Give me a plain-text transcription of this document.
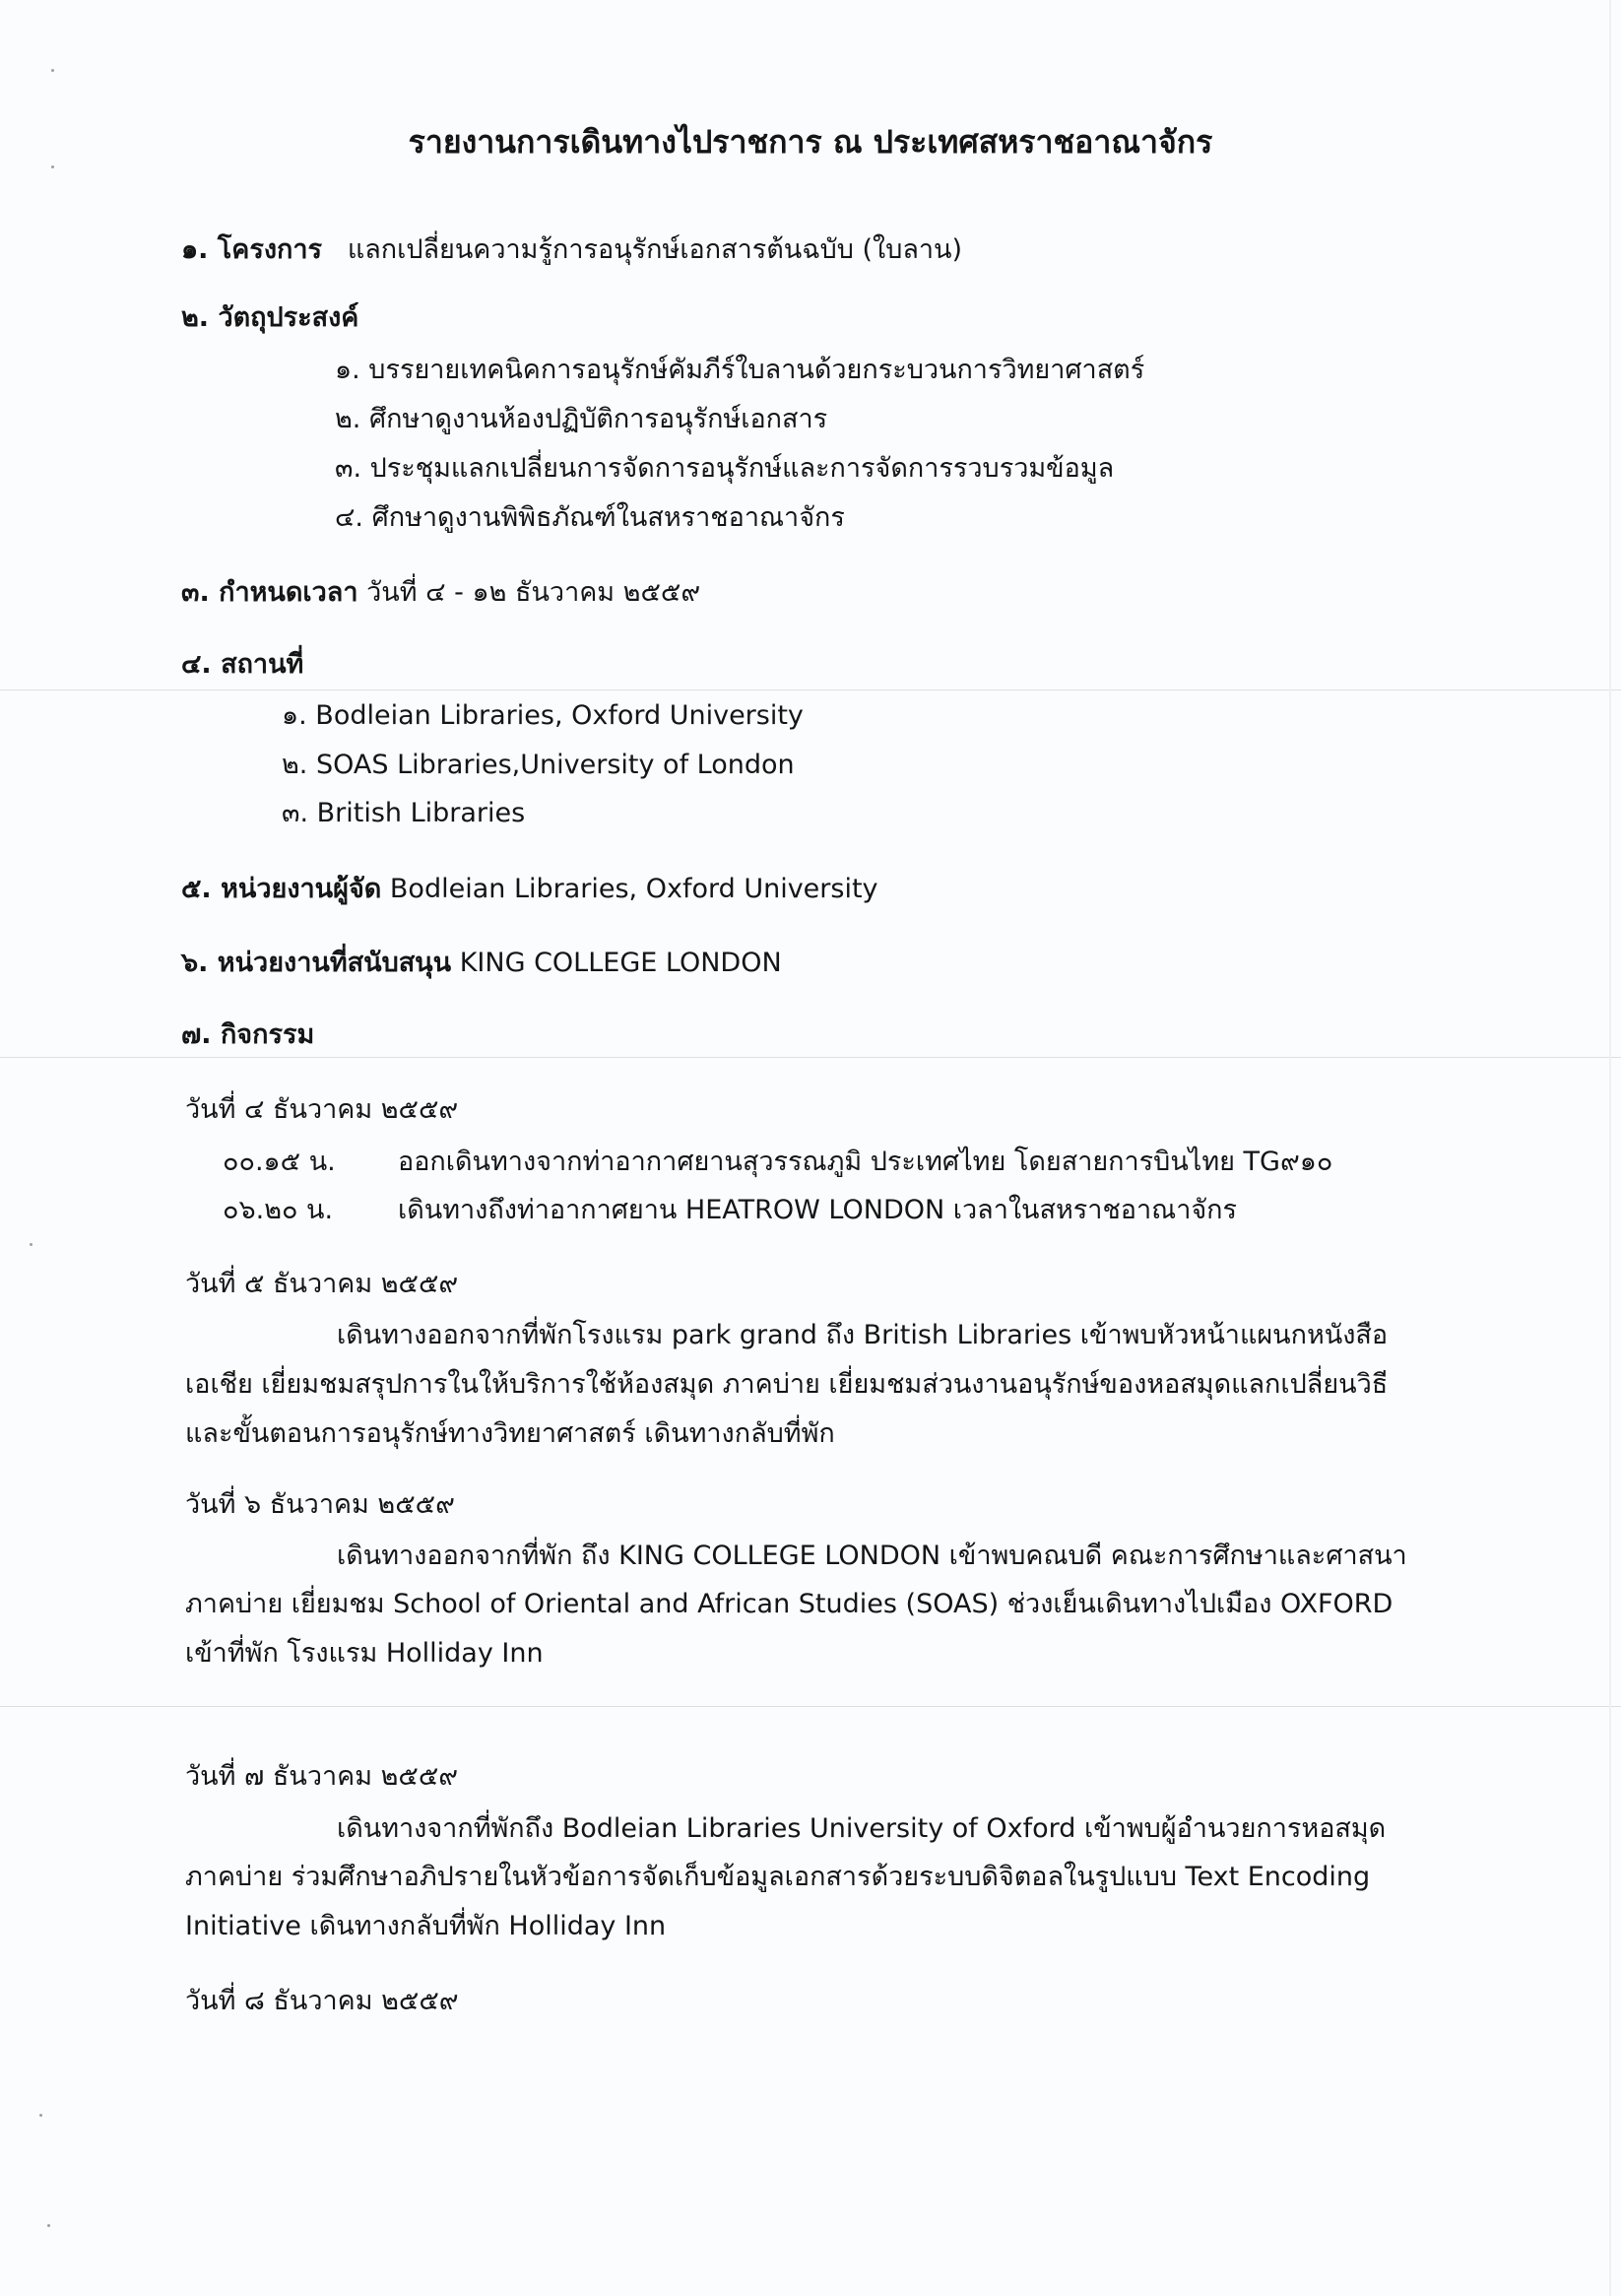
รายงานการเดินทางไปราชการ ณ ประเทศสหราชอาณาจักร
๑. โครงการ แลกเปลี่ยนความรู้การอนุรักษ์เอกสารต้นฉบับ (ใบลาน)
๒. วัตถุประสงค์
๑. บรรยายเทคนิคการอนุรักษ์คัมภีร์ใบลานด้วยกระบวนการวิทยาศาสตร์
๒. ศึกษาดูงานห้องปฏิบัติการอนุรักษ์เอกสาร
๓. ประชุมแลกเปลี่ยนการจัดการอนุรักษ์และการจัดการรวบรวมข้อมูล
๔. ศึกษาดูงานพิพิธภัณฑ์ในสหราชอาณาจักร
๓. กำหนดเวลา วันที่ ๔ - ๑๒ ธันวาคม ๒๕๕๙
๔. สถานที่
๑. Bodleian Libraries, Oxford University
๒. SOAS Libraries,University of London
๓. British Libraries
๕. หน่วยงานผู้จัด Bodleian Libraries, Oxford University
๖. หน่วยงานที่สนับสนุน KING COLLEGE LONDON
๗. กิจกรรม
วันที่ ๔ ธันวาคม ๒๕๕๙
๐๐.๑๕ น. ออกเดินทางจากท่าอากาศยานสุวรรณภูมิ ประเทศไทย โดยสายการบินไทย TG๙๑๐
๐๖.๒๐ น. เดินทางถึงท่าอากาศยาน HEATROW LONDON เวลาในสหราชอาณาจักร
วันที่ ๕ ธันวาคม ๒๕๕๙
เดินทางออกจากที่พักโรงแรม park grand ถึง British Libraries เข้าพบหัวหน้าแผนกหนังสือ
เอเชีย เยี่ยมชมสรุปการในให้บริการใช้ห้องสมุด ภาคบ่าย เยี่ยมชมส่วนงานอนุรักษ์ของหอสมุดแลกเปลี่ยนวิธี
และขั้นตอนการอนุรักษ์ทางวิทยาศาสตร์ เดินทางกลับที่พัก
วันที่ ๖ ธันวาคม ๒๕๕๙
เดินทางออกจากที่พัก ถึง KING COLLEGE LONDON เข้าพบคณบดี คณะการศึกษาและศาสนา
ภาคบ่าย เยี่ยมชม School of Oriental and African Studies (SOAS) ช่วงเย็นเดินทางไปเมือง OXFORD
เข้าที่พัก โรงแรม Holliday Inn
วันที่ ๗ ธันวาคม ๒๕๕๙
เดินทางจากที่พักถึง Bodleian Libraries University of Oxford เข้าพบผู้อำนวยการหอสมุด
ภาคบ่าย ร่วมศึกษาอภิปรายในหัวข้อการจัดเก็บข้อมูลเอกสารด้วยระบบดิจิตอลในรูปแบบ Text Encoding
Initiative เดินทางกลับที่พัก Holliday Inn
วันที่ ๘ ธันวาคม ๒๕๕๙
